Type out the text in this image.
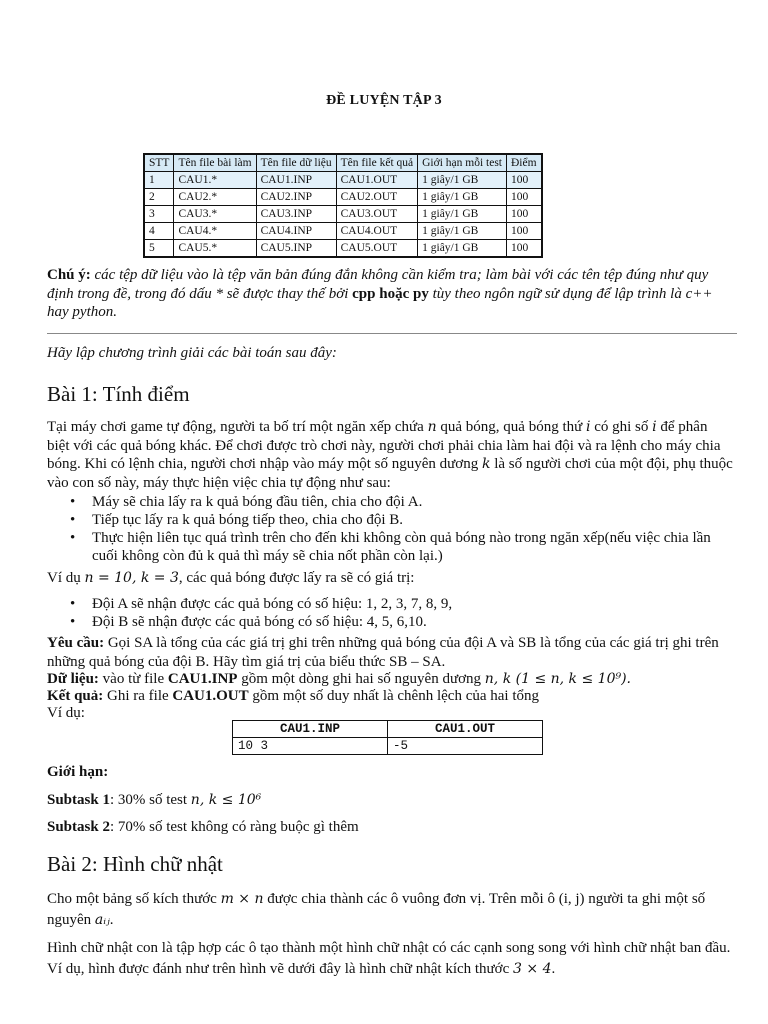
ĐỀ LUYỆN TẬP 3
STT	Tên file bài làm	Tên file dữ liệu	Tên file kết quả	Giới hạn mỗi test	Điểm
1	CAU1.*	CAU1.INP	CAU1.OUT	1 giây/1 GB	100
2	CAU2.*	CAU2.INP	CAU2.OUT	1 giây/1 GB	100
3	CAU3.*	CAU3.INP	CAU3.OUT	1 giây/1 GB	100
4	CAU4.*	CAU4.INP	CAU4.OUT	1 giây/1 GB	100
5	CAU5.*	CAU5.INP	CAU5.OUT	1 giây/1 GB	100
Chú ý: các tệp dữ liệu vào là tệp văn bản đúng đắn không cần kiểm tra; làm bài với các tên tệp đúng như quy định trong đề, trong đó dấu * sẽ được thay thế bởi cpp hoặc py tùy theo ngôn ngữ sử dụng để lập trình là c++ hay python.
Hãy lập chương trình giải các bài toán sau đây:
Bài 1: Tính điểm
Tại máy chơi game tự động, người ta bố trí một ngăn xếp chứa n quả bóng, quả bóng thứ i có ghi số i để phân biệt với các quả bóng khác. Để chơi được trò chơi này, người chơi phải chia làm hai đội và ra lệnh cho máy chia bóng. Khi có lệnh chia, người chơi nhập vào máy một số nguyên dương k là số người chơi của một đội, phụ thuộc vào con số này, máy thực hiện việc chia tự động như sau:
• Máy sẽ chia lấy ra k quả bóng đầu tiên, chia cho đội A.
• Tiếp tục lấy ra k quả bóng tiếp theo, chia cho đội B.
• Thực hiện liên tục quá trình trên cho đến khi không còn quả bóng nào trong ngăn xếp(nếu việc chia lần cuối không còn đủ k quả thì máy sẽ chia nốt phần còn lại.)
Ví dụ n = 10, k = 3, các quả bóng được lấy ra sẽ có giá trị:
• Đội A sẽ nhận được các quả bóng có số hiệu: 1, 2, 3, 7, 8, 9,
• Đội B sẽ nhận được các quả bóng có số hiệu: 4, 5, 6,10.
Yêu cầu: Gọi SA là tổng của các giá trị ghi trên những quả bóng của đội A và SB là tổng của các giá trị ghi trên những quả bóng của đội B. Hãy tìm giá trị của biểu thức SB – SA.
Dữ liệu: vào từ file CAU1.INP gồm một dòng ghi hai số nguyên dương n, k (1 ≤ n, k ≤ 10⁹).
Kết quả: Ghi ra file CAU1.OUT gồm một số duy nhất là chênh lệch của hai tổng
Ví dụ:
CAU1.INP	CAU1.OUT
10 3	-5
Giới hạn:
Subtask 1: 30% số test n, k ≤ 10⁶
Subtask 2: 70% số test không có ràng buộc gì thêm
Bài 2: Hình chữ nhật
Cho một bảng số kích thước m × n được chia thành các ô vuông đơn vị. Trên mỗi ô (i, j) người ta ghi một số nguyên aᵢⱼ.
Hình chữ nhật con là tập hợp các ô tạo thành một hình chữ nhật có các cạnh song song với hình chữ nhật ban đầu. Ví dụ, hình được đánh như trên hình vẽ dưới đây là hình chữ nhật kích thước 3 × 4.
